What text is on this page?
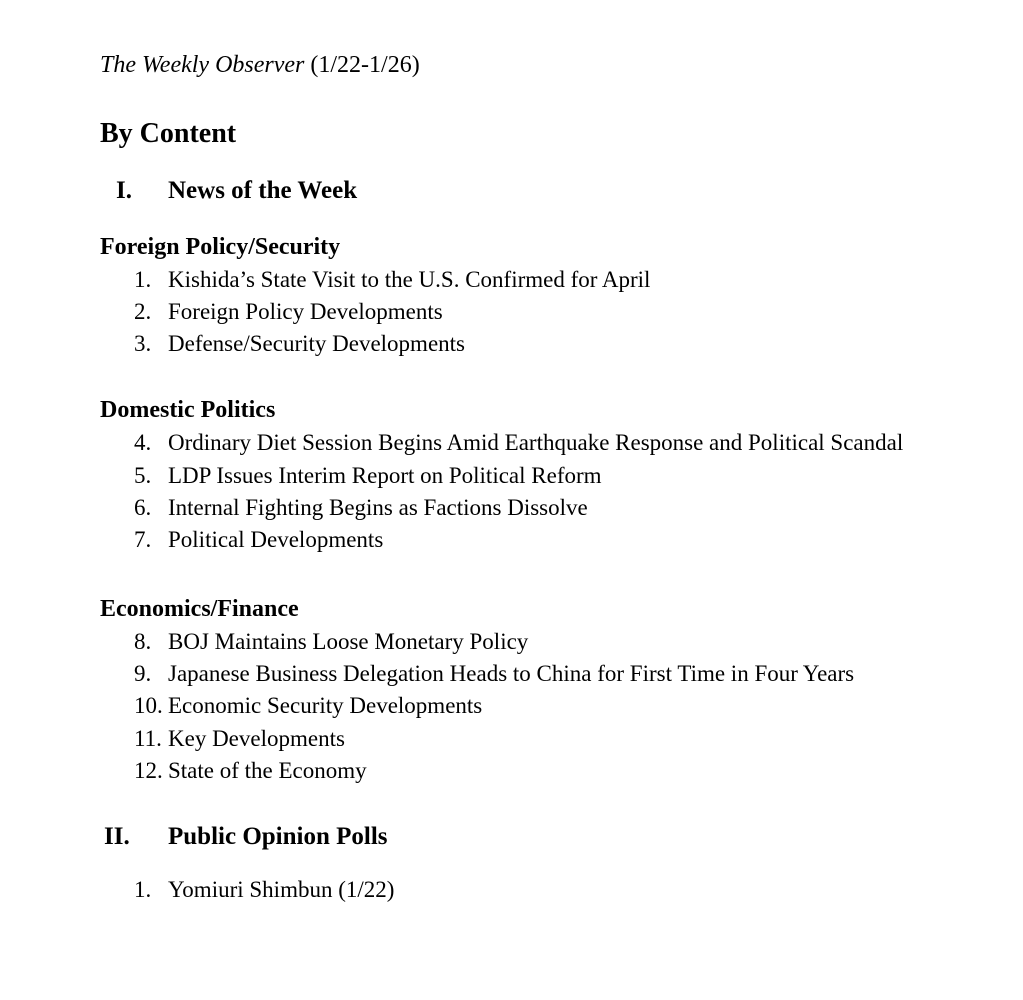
The Weekly Observer (1/22-1/26)
By Content
I. News of the Week
Foreign Policy/Security
1. Kishida’s State Visit to the U.S. Confirmed for April
2. Foreign Policy Developments
3. Defense/Security Developments
Domestic Politics
4. Ordinary Diet Session Begins Amid Earthquake Response and Political Scandal
5. LDP Issues Interim Report on Political Reform
6. Internal Fighting Begins as Factions Dissolve
7. Political Developments
Economics/Finance
8. BOJ Maintains Loose Monetary Policy
9. Japanese Business Delegation Heads to China for First Time in Four Years
10. Economic Security Developments
11. Key Developments
12. State of the Economy
II. Public Opinion Polls
1. Yomiuri Shimbun (1/22)
